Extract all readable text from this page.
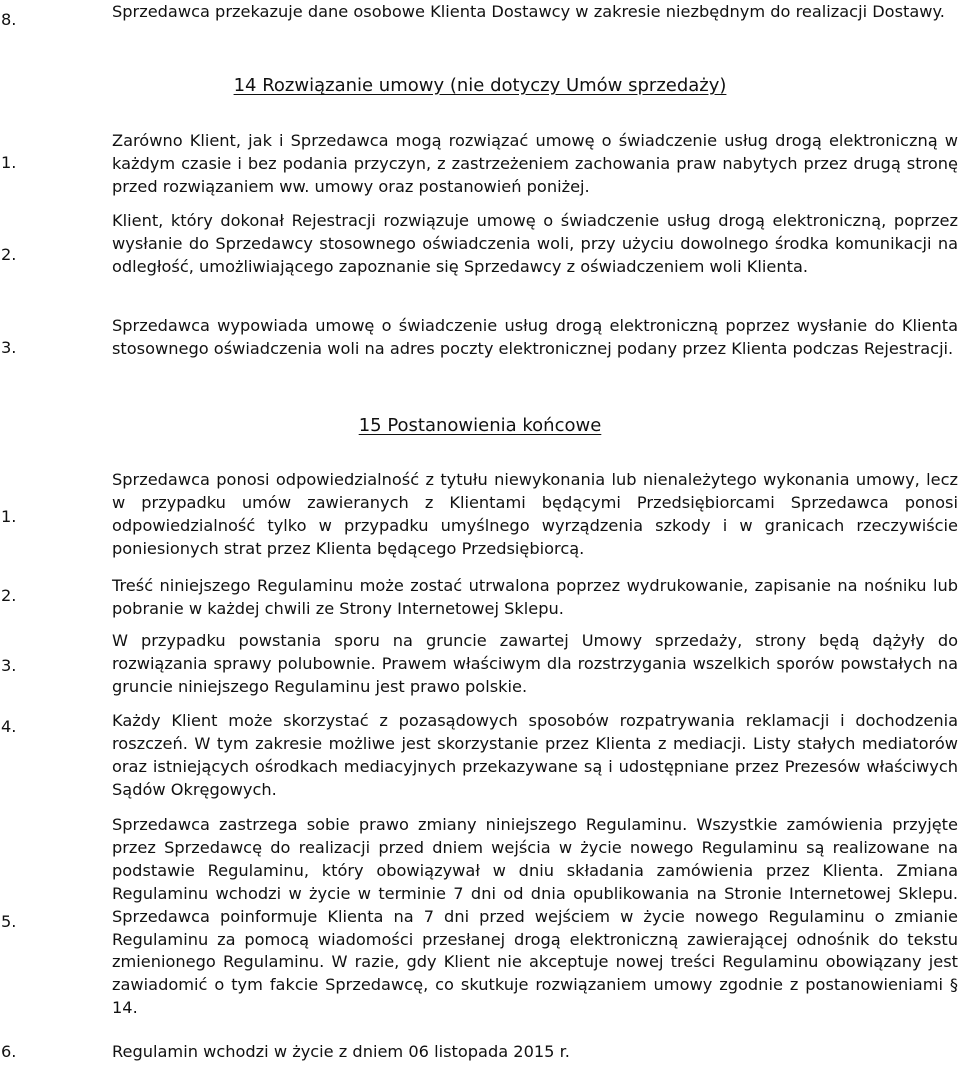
8.	Sprzedawca przekazuje dane osobowe Klienta Dostawcy w zakresie niezbędnym do realizacji Dostawy.
14 Rozwiązanie umowy (nie dotyczy Umów sprzedaży)
1.
Zarówno Klient, jak i Sprzedawca mogą rozwiązać umowę o świadczenie usług drogą elektroniczną w każdym czasie i bez podania przyczyn, z zastrzeżeniem zachowania praw nabytych przez drugą stronę przed rozwiązaniem ww. umowy oraz postanowień poniżej.
2.
Klient, który dokonał Rejestracji rozwiązuje umowę o świadczenie usług drogą elektroniczną, poprzez wysłanie do Sprzedawcy stosownego oświadczenia woli, przy użyciu dowolnego środka komunikacji na odległość, umożliwiającego zapoznanie się Sprzedawcy z oświadczeniem woli Klienta.
3.
Sprzedawca wypowiada umowę o świadczenie usług drogą elektroniczną poprzez wysłanie do Klienta stosownego oświadczenia woli na adres poczty elektronicznej podany przez Klienta podczas Rejestracji.
15 Postanowienia końcowe
1.
Sprzedawca ponosi odpowiedzialność z tytułu niewykonania lub nienależytego wykonania umowy, lecz w przypadku umów zawieranych z Klientami będącymi Przedsiębiorcami Sprzedawca ponosi odpowiedzialność tylko w przypadku umyślnego wyrządzenia szkody i w granicach rzeczywiście poniesionych strat przez Klienta będącego Przedsiębiorcą.
2.
Treść niniejszego Regulaminu może zostać utrwalona poprzez wydrukowanie, zapisanie na nośniku lub pobranie w każdej chwili ze Strony Internetowej Sklepu.
3.
W przypadku powstania sporu na gruncie zawartej Umowy sprzedaży, strony będą dążyły do rozwiązania sprawy polubownie. Prawem właściwym dla rozstrzygania wszelkich sporów powstałych na gruncie niniejszego Regulaminu jest prawo polskie.
4.	Każdy Klient może skorzystać z pozasądowych sposobów rozpatrywania reklamacji i dochodzenia roszczeń. W tym zakresie możliwe jest skorzystanie przez Klienta z mediacji. Listy stałych mediatorów oraz istniejących ośrodkach mediacyjnych przekazywane są i udostępniane przez Prezesów właściwych Sądów Okręgowych.
5.
Sprzedawca zastrzega sobie prawo zmiany niniejszego Regulaminu. Wszystkie zamówienia przyjęte przez Sprzedawcę do realizacji przed dniem wejścia w życie nowego Regulaminu są realizowane na podstawie Regulaminu, który obowiązywał w dniu składania zamówienia przez Klienta. Zmiana Regulaminu wchodzi w życie w terminie 7 dni od dnia opublikowania na Stronie Internetowej Sklepu. Sprzedawca poinformuje Klienta na 7 dni przed wejściem w życie nowego Regulaminu o zmianie Regulaminu za pomocą wiadomości przesłanej drogą elektroniczną zawierającej odnośnik do tekstu zmienionego Regulaminu. W razie, gdy Klient nie akceptuje nowej treści Regulaminu obowiązany jest zawiadomić o tym fakcie Sprzedawcę, co skutkuje rozwiązaniem umowy zgodnie z postanowieniami § 14.
6.	Regulamin wchodzi w życie z dniem 06 listopada 2015 r.
